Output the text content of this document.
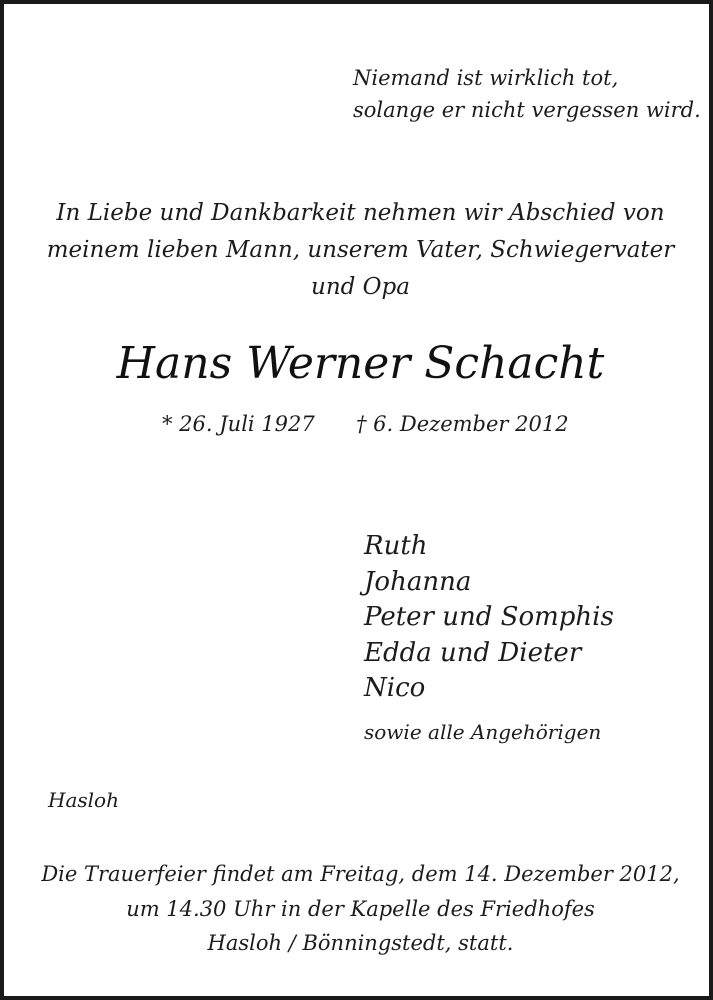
Niemand ist wirklich tot,
solange er nicht vergessen wird.
In Liebe und Dankbarkeit nehmen wir Abschied von
meinem lieben Mann, unserem Vater, Schwiegervater
und Opa
Hans Werner Schacht
* 26. Juli 1927 † 6. Dezember 2012
Ruth
Johanna
Peter und Somphis
Edda und Dieter
Nico
sowie alle Angehörigen
Hasloh
Die Trauerfeier findet am Freitag, dem 14. Dezember 2012,
um 14.30 Uhr in der Kapelle des Friedhofes
Hasloh / Bönningstedt, statt.
